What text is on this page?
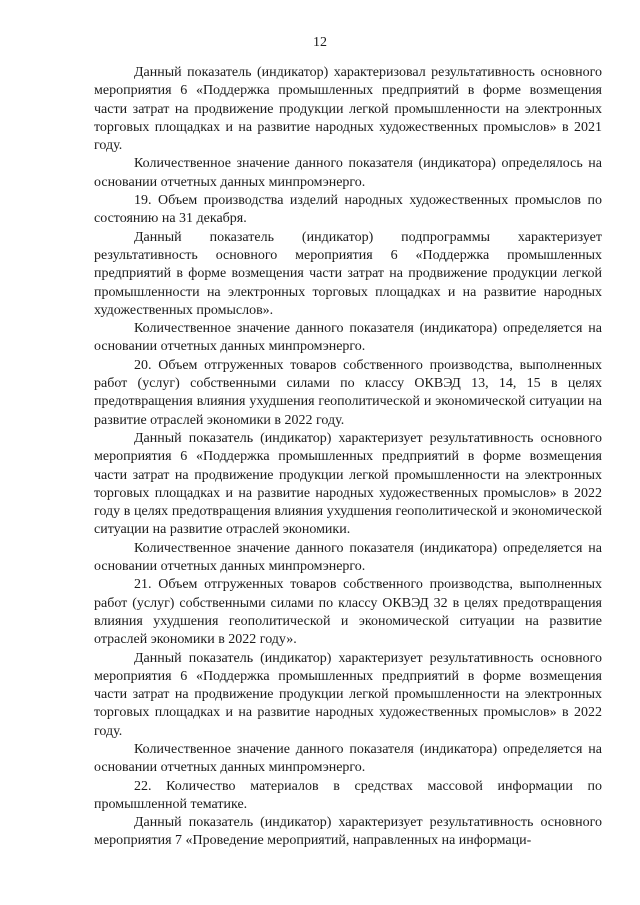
12

Данный показатель (индикатор) характеризовал результативность основного мероприятия 6 «Поддержка промышленных предприятий в форме возмещения части затрат на продвижение продукции легкой промышленности на электронных торговых площадках и на развитие народных художественных промыслов» в 2021 году.

Количественное значение данного показателя (индикатора) определялось на основании отчетных данных минпромэнерго.

19. Объем производства изделий народных художественных промыслов по состоянию на 31 декабря.

Данный показатель (индикатор) подпрограммы характеризует результативность основного мероприятия 6 «Поддержка промышленных предприятий в форме возмещения части затрат на продвижение продукции легкой промышленности на электронных торговых площадках и на развитие народных художественных промыслов».

Количественное значение данного показателя (индикатора) определяется на основании отчетных данных минпромэнерго.

20. Объем отгруженных товаров собственного производства, выполненных работ (услуг) собственными силами по классу ОКВЭД 13, 14, 15 в целях предотвращения влияния ухудшения геополитической и экономической ситуации на развитие отраслей экономики в 2022 году.

Данный показатель (индикатор) характеризует результативность основного мероприятия 6 «Поддержка промышленных предприятий в форме возмещения части затрат на продвижение продукции легкой промышленности на электронных торговых площадках и на развитие народных художественных промыслов» в 2022 году в целях предотвращения влияния ухудшения геополитической и экономической ситуации на развитие отраслей экономики.

Количественное значение данного показателя (индикатора) определяется на основании отчетных данных минпромэнерго.

21. Объем отгруженных товаров собственного производства, выполненных работ (услуг) собственными силами по классу ОКВЭД 32 в целях предотвращения влияния ухудшения геополитической и экономической ситуации на развитие отраслей экономики в 2022 году».

Данный показатель (индикатор) характеризует результативность основного мероприятия 6 «Поддержка промышленных предприятий в форме возмещения части затрат на продвижение продукции легкой промышленности на электронных торговых площадках и на развитие народных художественных промыслов» в 2022 году.

Количественное значение данного показателя (индикатора) определяется на основании отчетных данных минпромэнерго.

22. Количество материалов в средствах массовой информации по промышленной тематике.

Данный показатель (индикатор) характеризует результативность основного мероприятия 7 «Проведение мероприятий, направленных на информаци-
